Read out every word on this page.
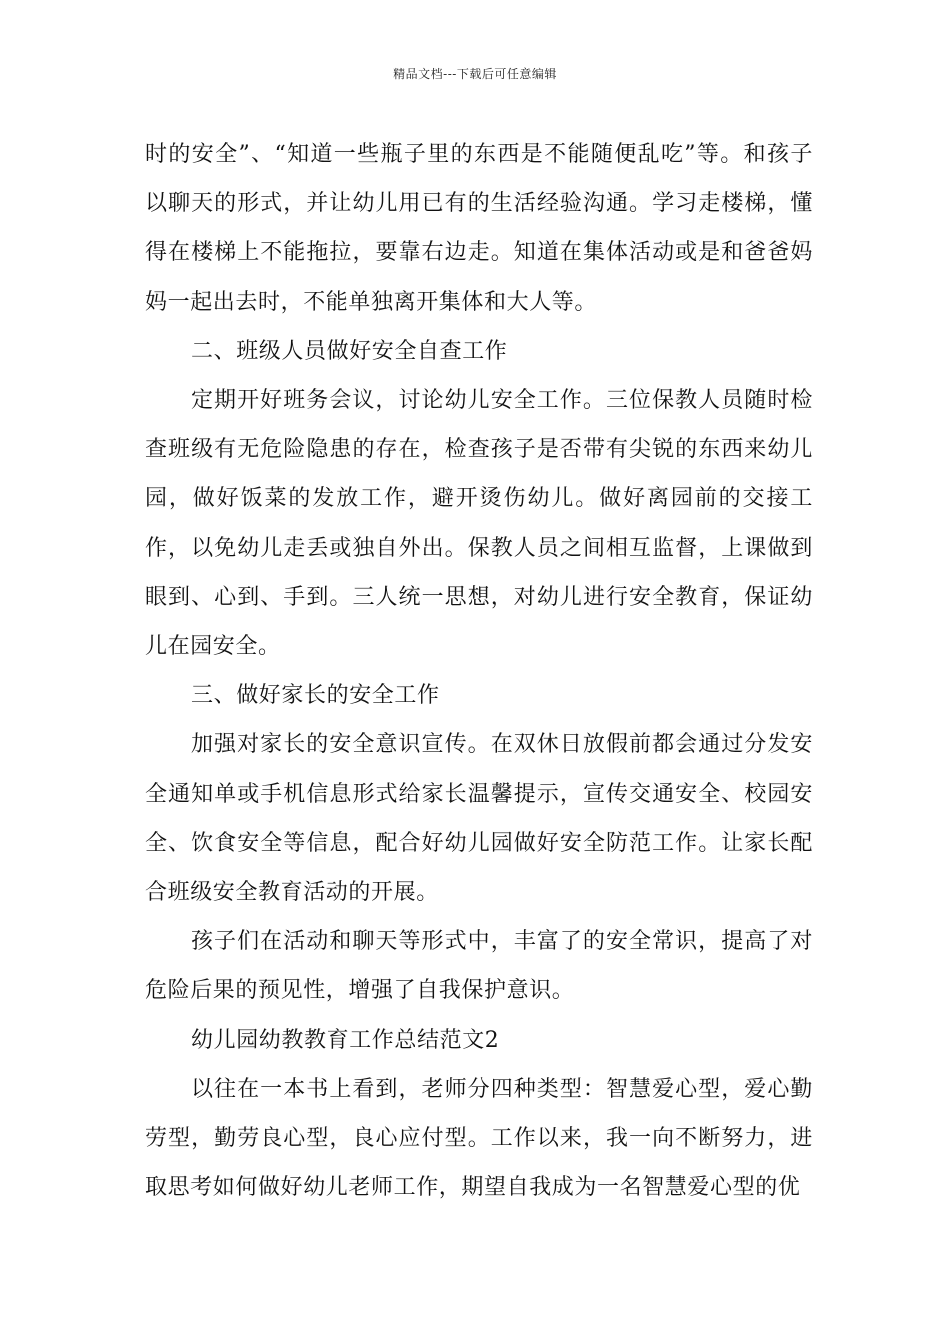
精品文档---下载后可任意编辑

时的安全”、“知道一些瓶子里的东西是不能随便乱吃”等。和孩子以聊天的形式，并让幼儿用已有的生活经验沟通。学习走楼梯，懂得在楼梯上不能拖拉，要靠右边走。知道在集体活动或是和爸爸妈妈一起出去时，不能单独离开集体和大人等。

二、班级人员做好安全自查工作

定期开好班务会议，讨论幼儿安全工作。三位保教人员随时检查班级有无危险隐患的存在，检查孩子是否带有尖锐的东西来幼儿园，做好饭菜的发放工作，避开烫伤幼儿。做好离园前的交接工作，以免幼儿走丢或独自外出。保教人员之间相互监督，上课做到眼到、心到、手到。三人统一思想，对幼儿进行安全教育，保证幼儿在园安全。

三、做好家长的安全工作

加强对家长的安全意识宣传。在双休日放假前都会通过分发安全通知单或手机信息形式给家长温馨提示，宣传交通安全、校园安全、饮食安全等信息，配合好幼儿园做好安全防范工作。让家长配合班级安全教育活动的开展。

孩子们在活动和聊天等形式中，丰富了的安全常识，提高了对危险后果的预见性，增强了自我保护意识。

幼儿园幼教教育工作总结范文2

以往在一本书上看到，老师分四种类型：智慧爱心型，爱心勤劳型，勤劳良心型，良心应付型。工作以来，我一向不断努力，进取思考如何做好幼儿老师工作，期望自我成为一名智慧爱心型的优
